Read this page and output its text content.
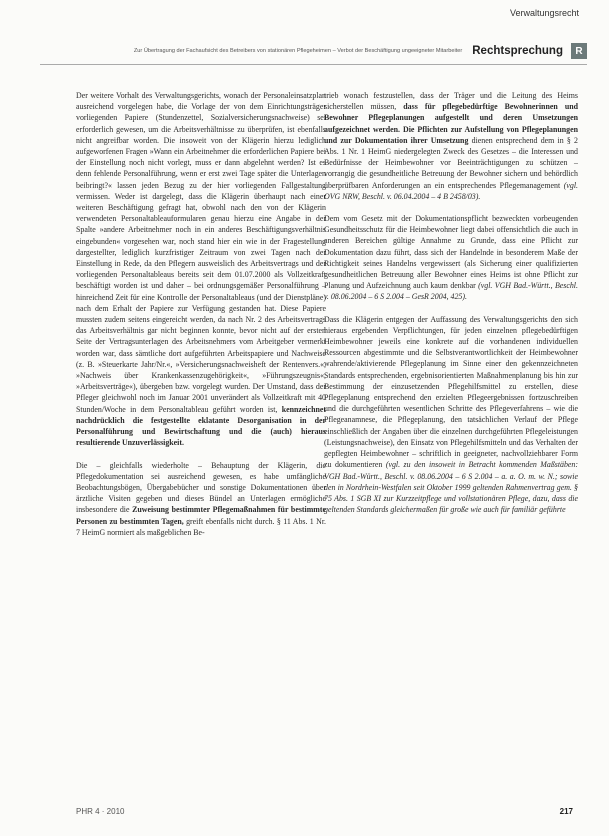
Verwaltungsrecht
Zur Übertragung der Fachaufsicht des Betreibers von stationären Pflegeheimen – Verbot der Beschäftigung ungeeigneter Mitarbeiter Rechtsprechung	R

Der weitere Vorhalt des Verwaltungsgerichts, wonach der Personaleinsatzplan ausreichend vorgelegen habe, die Vorlage der von dem Einrichtungsträger vorliegenden Papiere (Stundenzettel, Sozialversicherungsnachweise) sei erforderlich gewesen, um die Arbeitsverhältnisse zu überprüfen, ist ebenfalls nicht angreifbar worden. Die insoweit von der Klägerin hierzu lediglich aufgeworfenen Fragen »Wann ein Arbeitnehmer die erforderlichen Papiere bei der Einstellung noch nicht vorlegt, muss er dann abgelehnt werden? Ist es denn fehlende Personalführung, wenn er erst zwei Tage später die Unterlagen beibringt?« lassen jeden Bezug zu der hier vorliegenden Fallgestaltung vermissen. Weder ist dargelegt, dass die Klägerin überhaupt nach einer weiteren Beschäftigung gefragt hat, obwohl nach den von der Klägerin verwendeten Personaltableauformularen genau hierzu eine Angabe in der Spalte »andere Arbeitnehmer noch in ein anderes Beschäftigungsverhältnis eingebunden« vorgesehen war, noch stand hier ein wie in der Fragestellung dargestellter, lediglich kurzfristiger Zeitraum von zwei Tagen nach der Einstellung in Rede, da den Pflegern ausweislich des Arbeitsvertrags und der vorliegenden Personaltableaus bereits seit dem 01.07.2000 als Vollzeitkraft beschäftigt worden ist und daher – bei ordnungsgemäßer Personalführung – hinreichend Zeit für eine Kontrolle der Personaltableaus (und der Dienstpläne) nach dem Erhalt der Papiere zur Verfügung gestanden hat. Diese Papiere mussten zudem seitens eingereicht werden, da nach Nr. 2 des Arbeitsvertrags das Arbeitsverhältnis gar nicht beginnen konnte, bevor nicht auf der ersten Seite der Vertragsunterlagen des Arbeitsnehmers vom Arbeitgeber vermerkt worden war, dass sämtliche dort aufgeführten Arbeitspapiere und Nachweise (z. B. »Steuerkarte Jahr/Nr.«, »Versicherungsnachweisheft der Rentenvers.«, »Nachweis über Krankenkassenzugehörigkeit«, »Führungszeugnis«, »Arbeitsverträge«), übergeben bzw. vorgelegt wurden. Der Umstand, dass der Pfleger gleichwohl noch im Januar 2001 unverändert als Vollzeitkraft mit 40 Stunden/Woche in dem Personaltableau geführt worden ist, kennzeichnet nachdrücklich die festgestellte eklatante Desorganisation in der Personalführung und Bewirtschaftung und die (auch) hieraus resultierende Unzuverlässigkeit.

Die – gleichfalls wiederholte – Behauptung der Klägerin, die Pflegedokumentation sei ausreichend gewesen, es habe umfängliche Beobachtungsbögen, Übergabebücher und sonstige Dokumentationen über ärztliche Visiten gegeben und dieses Bündel an Unterlagen ermögliche insbesondere die Zuweisung bestimmter Pflegemaßnahmen für bestimmte Personen zu bestimmten Tagen, greift ebenfalls nicht durch. § 11 Abs. 1 Nr. 7 HeimG normiert als maßgeblichen Be-

trieb wonach festzustellen, dass der Träger und die Leitung des Heims sicherstellen müssen, dass für pflegebedürftige Bewohnerinnen und Bewohner Pflegeplanungen aufgestellt und deren Umsetzungen aufgezeichnet werden. Die Pflichten zur Aufstellung von Pflegeplanungen und zur Dokumentation ihrer Umsetzung dienen entsprechend dem in § 2 Abs. 1 Nr. 1 HeimG niedergelegten Zweck des Gesetzes – die Interessen und Bedürfnisse der Heimbewohner vor Beeinträchtigungen zu schützen – vorrangig die gesundheitliche Betreuung der Bewohner sichern und behördlich überprüfbaren Anforderungen an ein entsprechendes Pflegemanagement (vgl. OVG NRW, Beschl. v. 06.04.2004 – 4 B 2458/03).

Dem vom Gesetz mit der Dokumentationspflicht bezweckten vorbeugenden Gesundheitsschutz für die Heimbewohner liegt dabei offensichtlich die auch in anderen Bereichen gültige Annahme zu Grunde, dass eine Pflicht zur Dokumentation dazu führt, dass sich der Handelnde in besonderem Maße der Richtigkeit seines Handelns vergewissert (als Sicherung einer qualifizierten gesundheitlichen Betreuung aller Bewohner eines Heims ist ohne Pflicht zur Planung und Aufzeichnung auch kaum denkbar (vgl. VGH Bad.-Württ., Beschl. v. 08.06.2004 – 6 S 2.004 – GesR 2004, 425).

Dass die Klägerin entgegen der Auffassung des Verwaltungsgerichts den sich hieraus ergebenden Verpflichtungen, für jeden einzelnen pflegebedürftigen Heimbewohner jeweils eine konkrete auf die vorhandenen individuellen Ressourcen abgestimmte und die Selbstverantwortlichkeit der Heimbewohner wahrende/aktivierende Pflegeplanung im Sinne einer den gekennzeichneten Standards entsprechenden, ergebnisorientierten Maßnahmenplanung bis hin zur Bestimmung der einzusetzenden Pflegehilfsmittel zu erstellen, diese Pflegeplanung entsprechend den erzielten Pflegeergebnissen fortzuschreiben und die durchgeführten wesentlichen Schritte des Pflegeverfahrens – wie die Pflegeanamnese, die Pflegeplanung, den tatsächlichen Verlauf der Pflege einschließlich der Angaben über die einzelnen durchgeführten Pflegeleistungen (Leistungsnachweise), den Einsatz von Pflegehilfsmitteln und das Verhalten der gepflegten Heimbewohner – schriftlich in geeigneter, nachvollziehbarer Form zu dokumentieren (vgl. zu den insoweit in Betracht kommenden Maßstäben: VGH Bad.-Württ., Beschl. v. 08.06.2004 – 6 S 2.004 – a. a. O. m. w. N.; sowie den in Nordrhein-Westfalen seit Oktober 1999 geltenden Rahmenvertrag gem. § 75 Abs. 1 SGB XI zur Kurzzeitpflege und vollstationären Pflege, dazu, dass die geltenden Standards gleichermaßen für große wie auch für familiär geführte

PHR 4 · 2010	217
